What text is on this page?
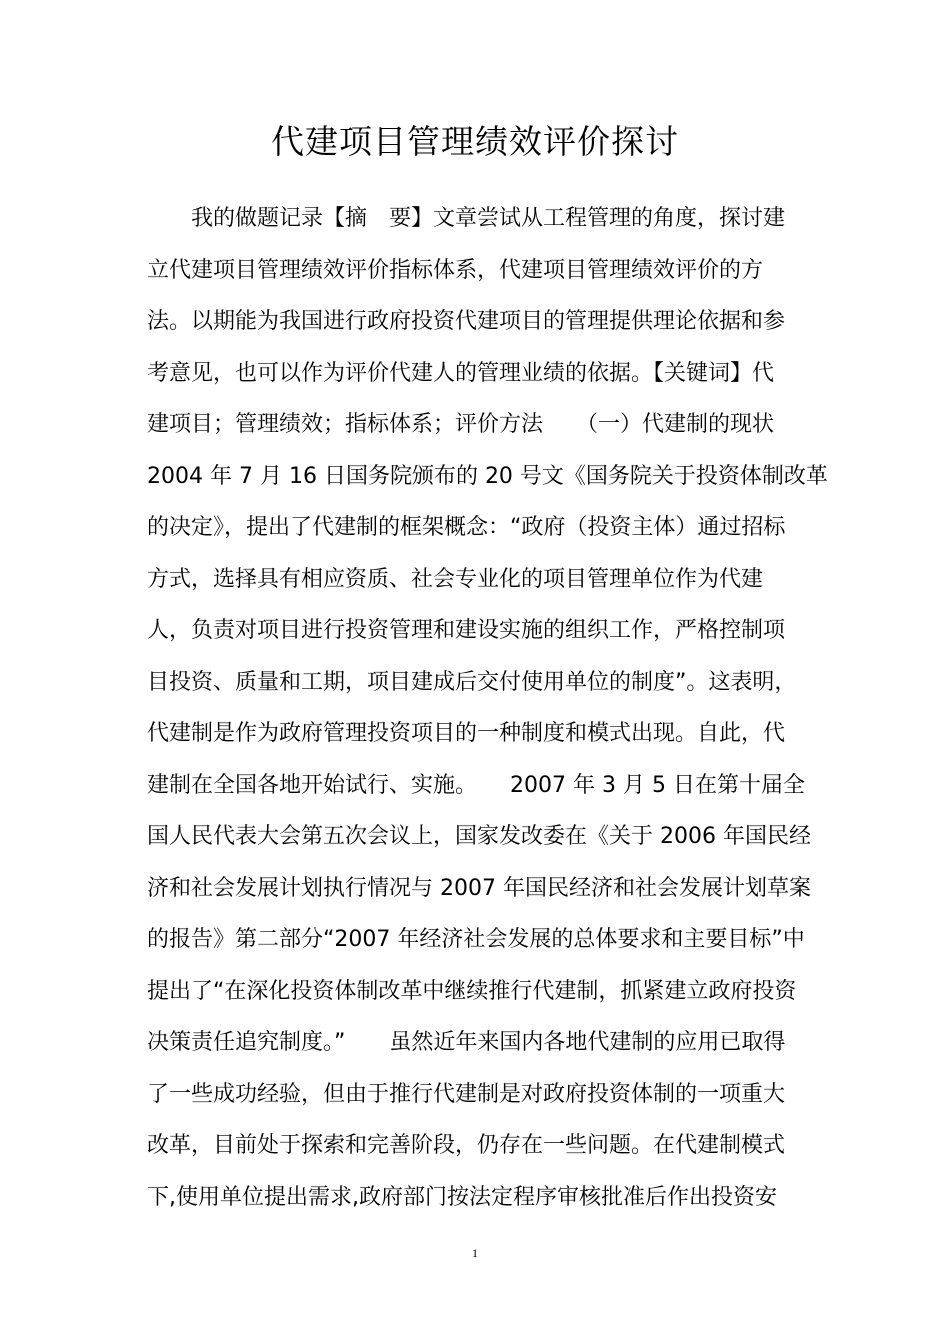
代建项目管理绩效评价探讨
我的做题记录【摘　要】文章尝试从工程管理的角度，探讨建
立代建项目管理绩效评价指标体系，代建项目管理绩效评价的方
法。以期能为我国进行政府投资代建项目的管理提供理论依据和参
考意见，也可以作为评价代建人的管理业绩的依据。【关键词】代
建项目；管理绩效；指标体系；评价方法　　（一）代建制的现状
2004 年 7 月 16 日国务院颁布的 20 号文《国务院关于投资体制改革
的决定》，提出了代建制的框架概念：“政府（投资主体）通过招标
方式，选择具有相应资质、社会专业化的项目管理单位作为代建
人，负责对项目进行投资管理和建设实施的组织工作，严格控制项
目投资、质量和工期，项目建成后交付使用单位的制度”。这表明，
代建制是作为政府管理投资项目的一种制度和模式出现。自此，代
建制在全国各地开始试行、实施。　　2007 年 3 月 5 日在第十届全
国人民代表大会第五次会议上，国家发改委在《关于 2006 年国民经
济和社会发展计划执行情况与 2007 年国民经济和社会发展计划草案
的报告》第二部分“2007 年经济社会发展的总体要求和主要目标”中
提出了“在深化投资体制改革中继续推行代建制，抓紧建立政府投资
决策责任追究制度。”　　虽然近年来国内各地代建制的应用已取得
了一些成功经验，但由于推行代建制是对政府投资体制的一项重大
改革，目前处于探索和完善阶段，仍存在一些问题。在代建制模式
下,使用单位提出需求,政府部门按法定程序审核批准后作出投资安
1
